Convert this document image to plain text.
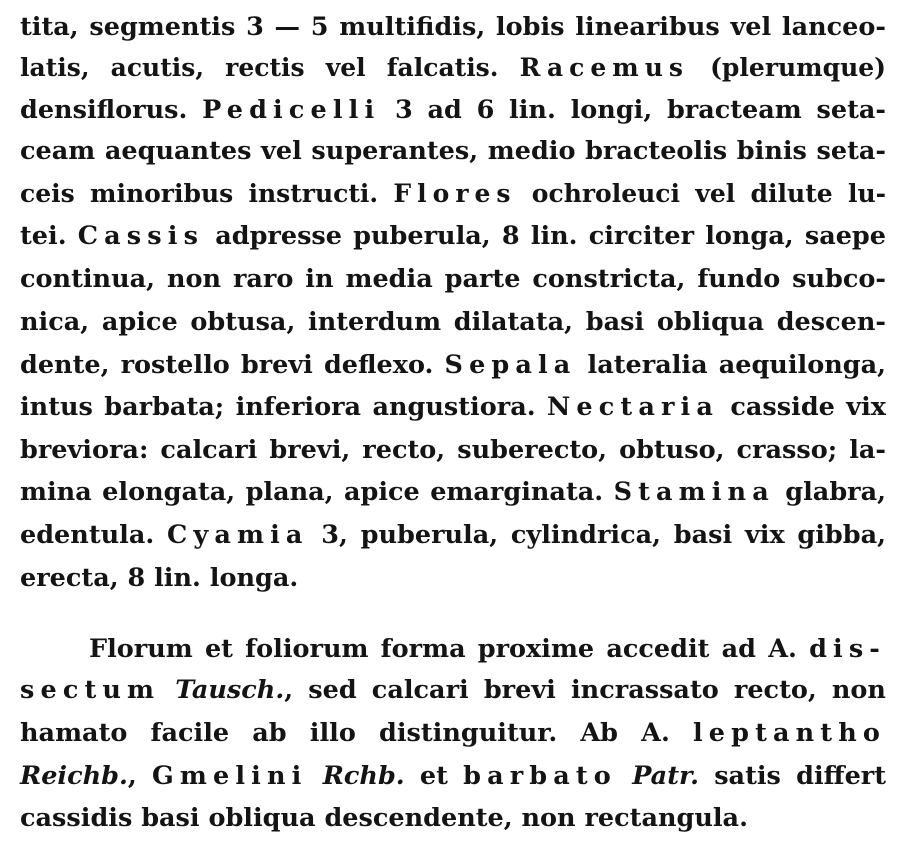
tita, segmentis 3 — 5 multifidis, lobis linearibus vel lanceo-
latis, acutis, rectis vel falcatis. Racemus (plerumque)
densiflorus. Pedicelli 3 ad 6 lin. longi, bracteam seta-
ceam aequantes vel superantes, medio bracteolis binis seta-
ceis minoribus instructi. Flores ochroleuci vel dilute lu-
tei. Cassis adpresse puberula, 8 lin. circiter longa, saepe
continua, non raro in media parte constricta, fundo subco-
nica, apice obtusa, interdum dilatata, basi obliqua descen-
dente, rostello brevi deflexo. Sepala lateralia aequilonga,
intus barbata; inferiora angustiora. Nectaria casside vix
breviora: calcari brevi, recto, suberecto, obtuso, crasso; la-
mina elongata, plana, apice emarginata. Stamina glabra,
edentula. Cyamia 3, puberula, cylindrica, basi vix gibba,
erecta, 8 lin. longa.
Florum et foliorum forma proxime accedit ad A. dis-
sectum Tausch., sed calcari brevi incrassato recto, non
hamato facile ab illo distinguitur. Ab A. leptantho
Reichb., Gmelini Rchb. et barbato Patr. satis differt
cassidis basi obliqua descendente, non rectangula.
